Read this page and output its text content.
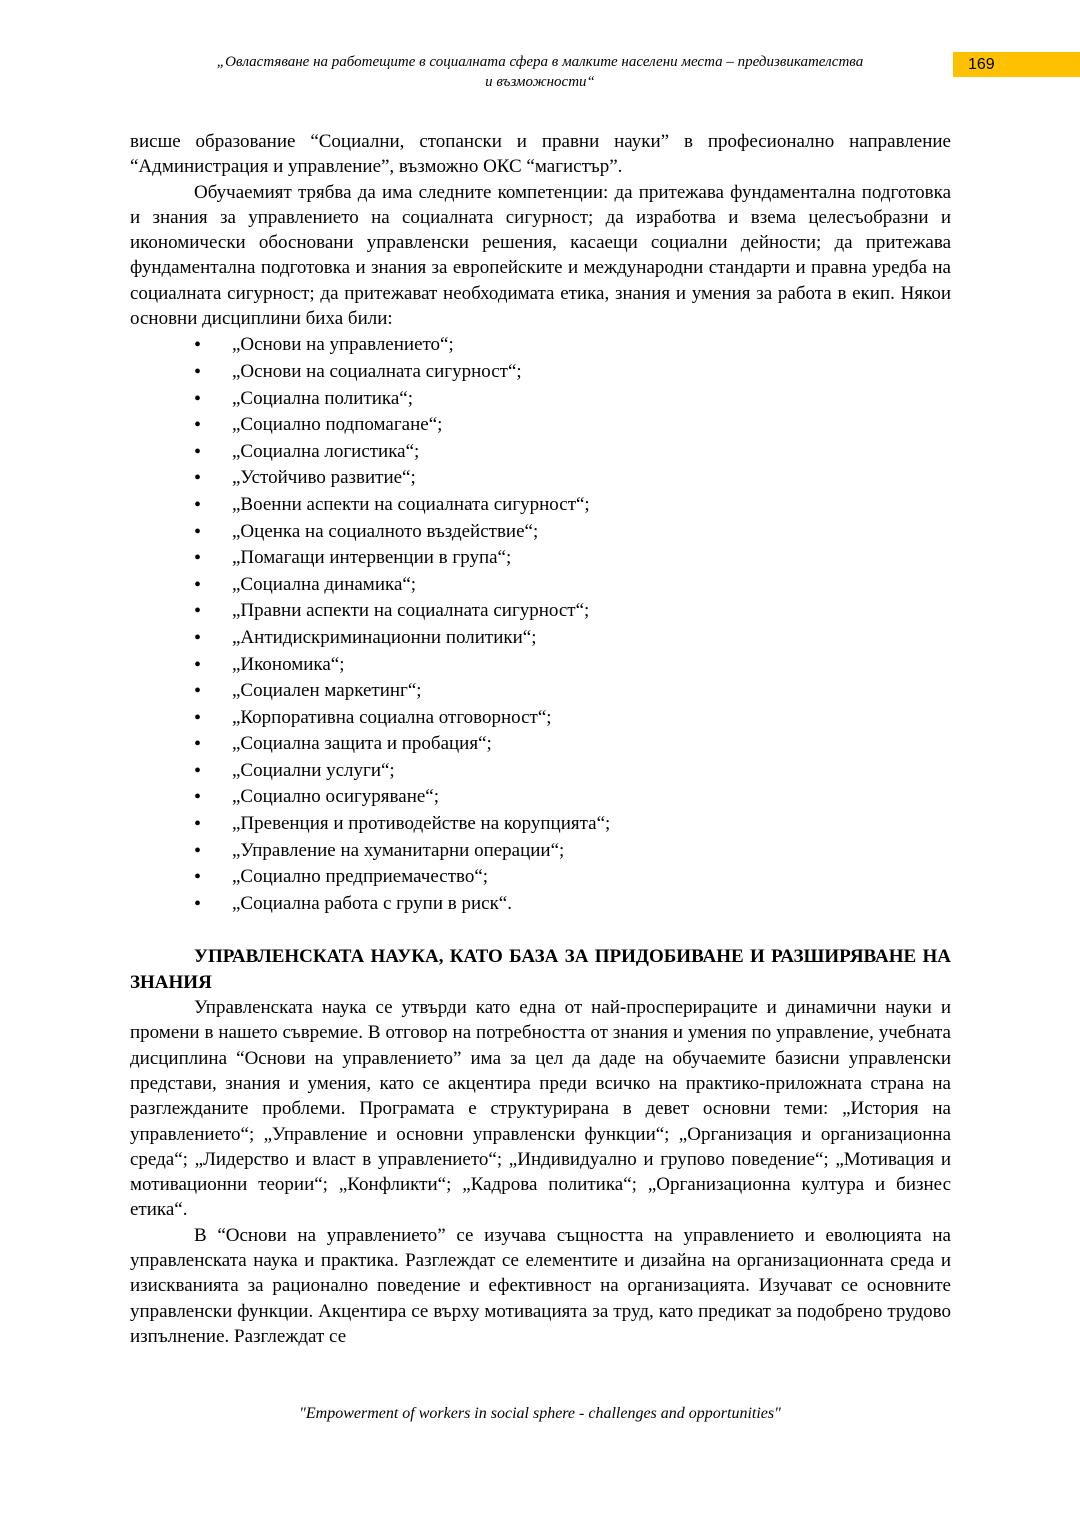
„Овластяване на работещите в социалната сфера в малките населени места – предизвикателства
и възможности“
169

висше образование “Социални, стопански и правни науки” в професионално направление “Администрация и управление”, възможно ОКС “магистър”.

Обучаемият трябва да има следните компетенции: да притежава фундаментална подготовка и знания за управлението на социалната сигурност; да изработва и взема целесъобразни и икономически обосновани управленски решения, касаещи социални дейности; да притежава фундаментална подготовка и знания за европейските и международни стандарти и правна уредба на социалната сигурност; да притежават необходимата етика, знания и умения за работа в екип. Някои основни дисциплини биха били:

• „Основи на управлението“;
• „Основи на социалната сигурност“;
• „Социална политика“;
• „Социално подпомагане“;
• „Социална логистика“;
• „Устойчиво развитие“;
• „Военни аспекти на социалната сигурност“;
• „Оценка на социалното въздействие“;
• „Помагащи интервенции в група“;
• „Социална динамика“;
• „Правни аспекти на социалната сигурност“;
• „Антидискриминационни политики“;
• „Икономика“;
• „Социален маркетинг“;
• „Корпоративна социална отговорност“;
• „Социална защита и пробация“;
• „Социални услуги“;
• „Социално осигуряване“;
• „Превенция и противодействе на корупцията“;
• „Управление на хуманитарни операции“;
• „Социално предприемачество“;
• „Социална работа с групи в риск“.

УПРАВЛЕНСКАТА НАУКА, КАТО БАЗА ЗА ПРИДОБИВАНЕ И РАЗШИРЯВАНЕ НА ЗНАНИЯ

Управленската наука се утвърди като една от най-просперираците и динамични науки и промени в нашето съвремие. В отговор на потребността от знания и умения по управление, учебната дисциплина “Основи на управлението” има за цел да даде на обучаемите базисни управленски представи, знания и умения, като се акцентира преди всичко на практико-приложната страна на разглежданите проблеми. Програмата е структурирана в девет основни теми: „История на управлението“; „Управление и основни управленски функции“; „Организация и организационна среда“; „Лидерство и власт в управлението“; „Индивидуално и групово поведение“; „Мотивация и мотивационни теории“; „Конфликти“; „Кадрова политика“; „Организационна култура и бизнес етика“.

В “Основи на управлението” се изучава същността на управлението и еволюцията на управленската наука и практика. Разглеждат се елементите и дизайна на организационната среда и изискванията за рационално поведение и ефективност на организацията. Изучават се основните управленски функции. Акцентира се върху мотивацията за труд, като предикат за подобрено трудово изпълнение. Разглеждат се

"Empowerment of workers in social sphere - challenges and opportunities"
